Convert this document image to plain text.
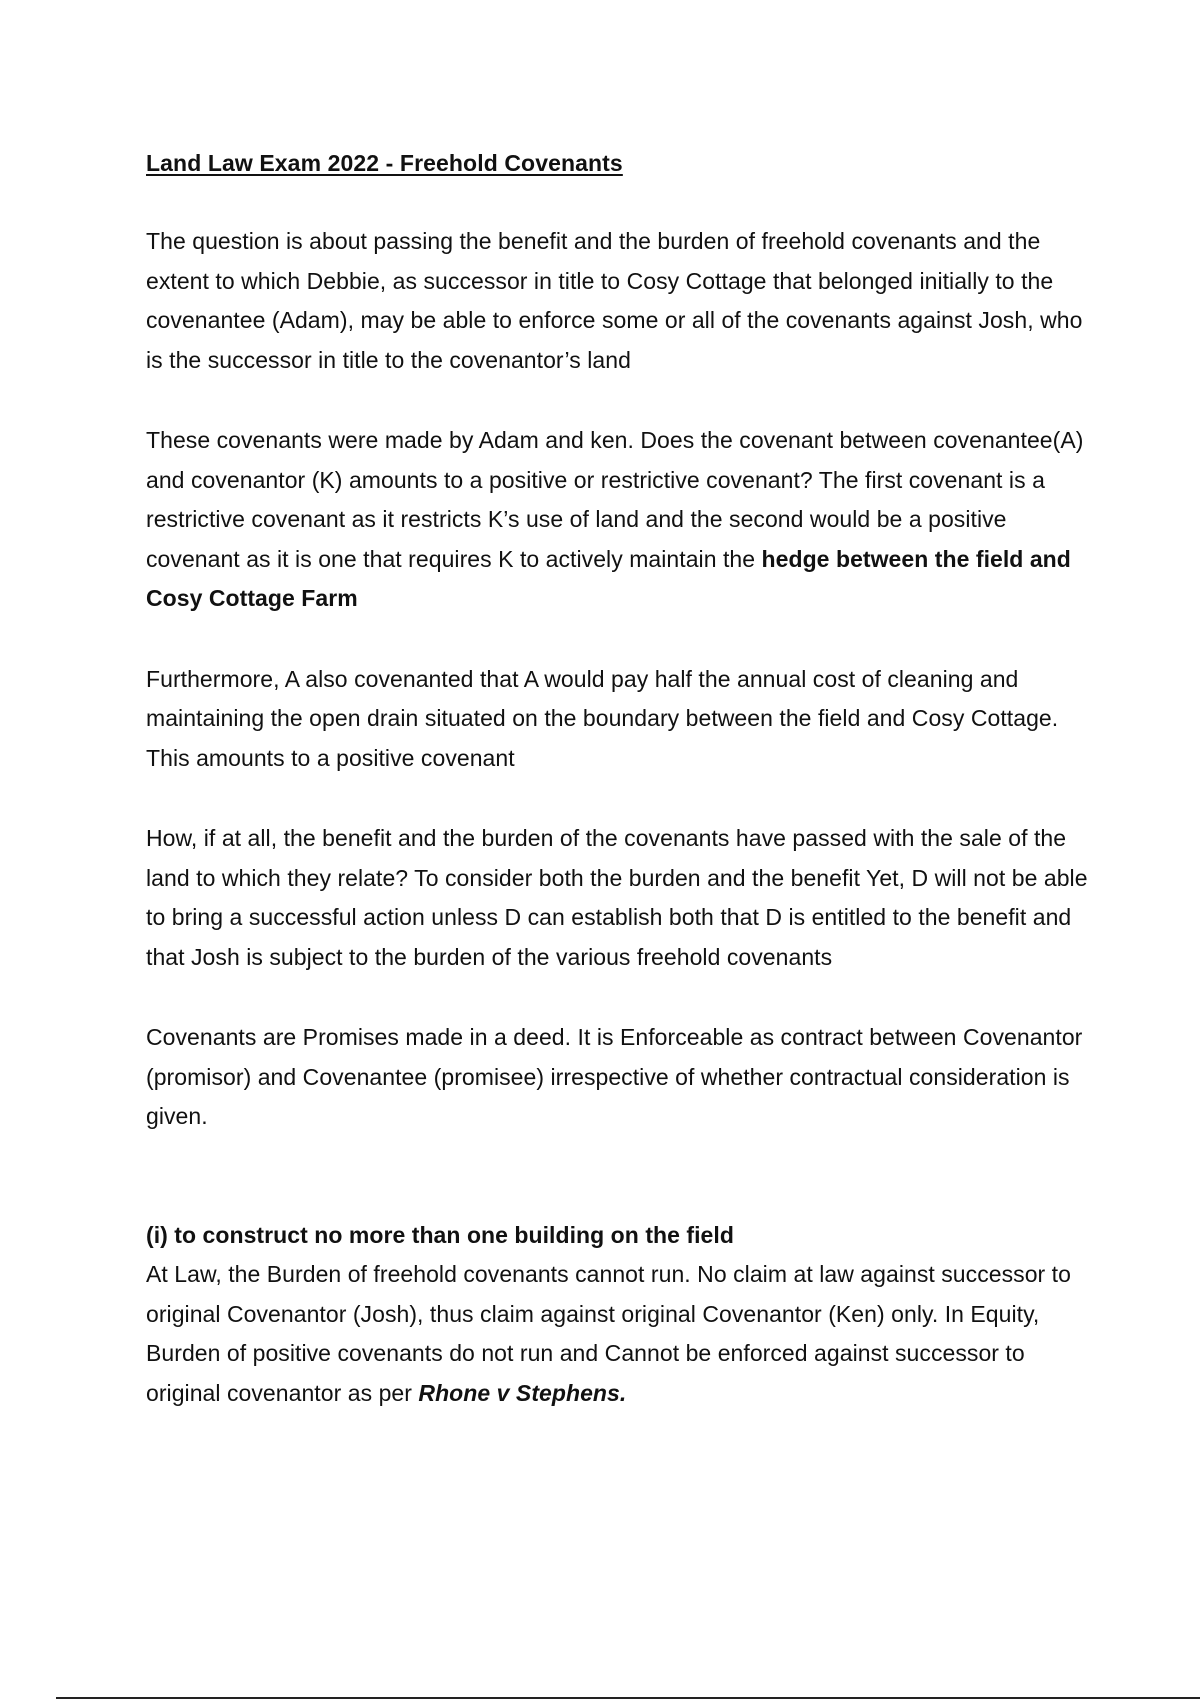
Land Law Exam 2022 - Freehold Covenants

The question is about passing the benefit and the burden of freehold covenants and the extent to which Debbie, as successor in title to Cosy Cottage that belonged initially to the covenantee (Adam), may be able to enforce some or all of the covenants against Josh, who is the successor in title to the covenantor’s land

These covenants were made by Adam and ken. Does the covenant between covenantee(A) and covenantor (K) amounts to a positive or restrictive covenant? The first covenant is a restrictive covenant as it restricts K’s use of land and the second would be a positive covenant as it is one that requires K to actively maintain the hedge between the field and Cosy Cottage Farm

Furthermore, A also covenanted that A would pay half the annual cost of cleaning and maintaining the open drain situated on the boundary between the field and Cosy Cottage. This amounts to a positive covenant

How, if at all, the benefit and the burden of the covenants have passed with the sale of the land to which they relate? To consider both the burden and the benefit Yet, D will not be able to bring a successful action unless D can establish both that D is entitled to the benefit and that Josh is subject to the burden of the various freehold covenants

Covenants are Promises made in a deed. It is Enforceable as contract between Covenantor (promisor) and Covenantee (promisee) irrespective of whether contractual consideration is given.

(i) to construct no more than one building on the field

At Law, the Burden of freehold covenants cannot run. No claim at law against successor to original Covenantor (Josh), thus claim against original Covenantor (Ken) only. In Equity, Burden of positive covenants do not run and Cannot be enforced against successor to original covenantor as per Rhone v Stephens.
